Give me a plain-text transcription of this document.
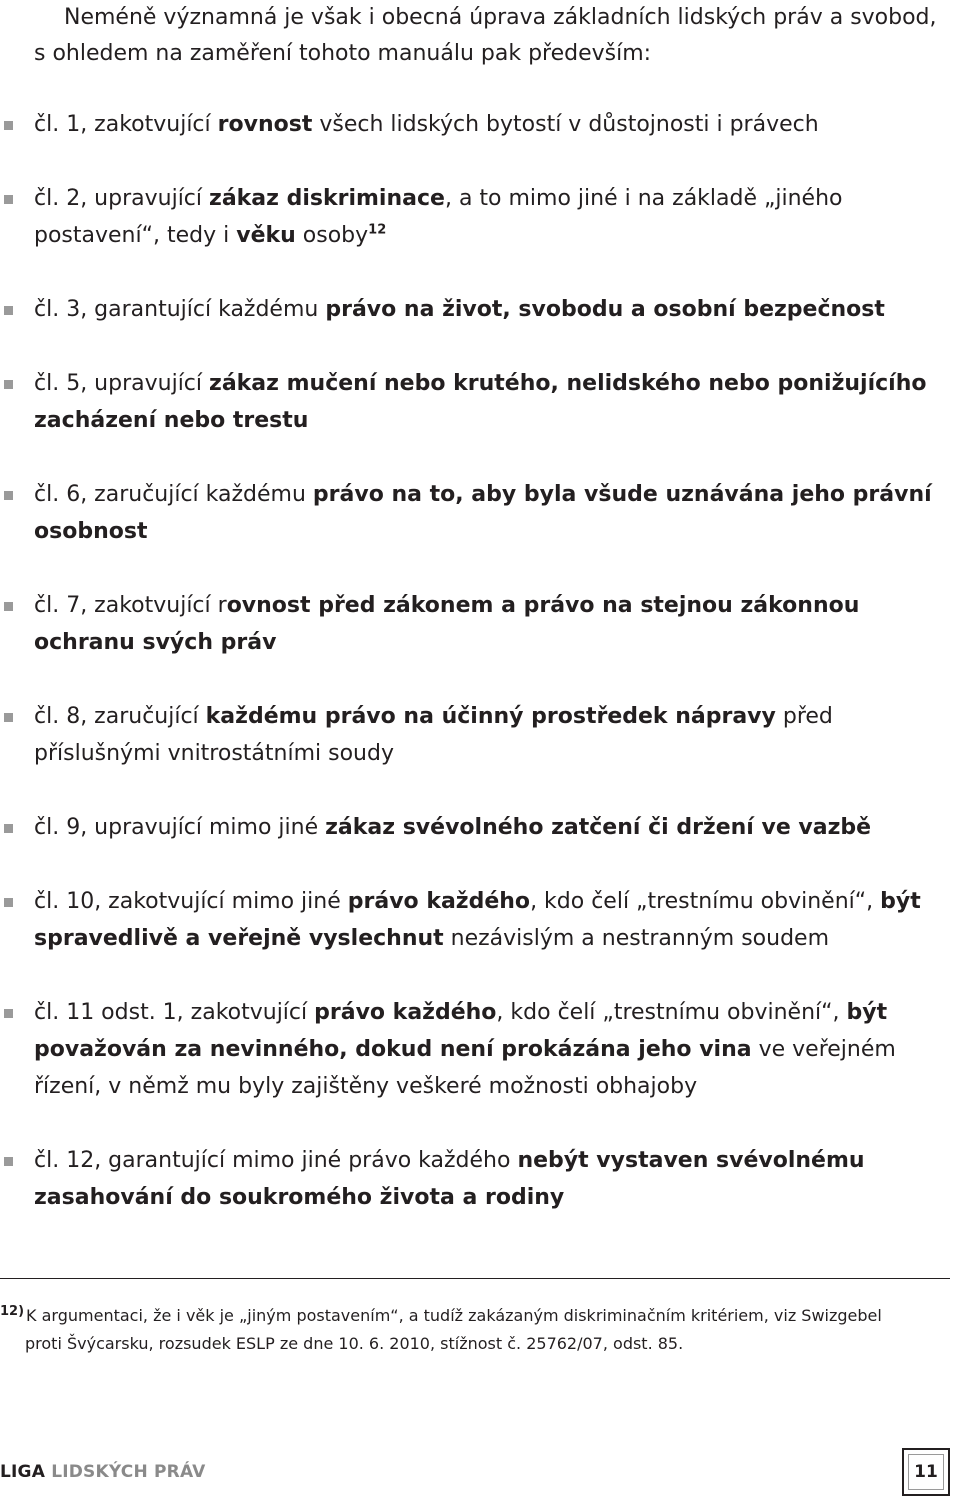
Neméně významná je však i obecná úprava základních lidských práv a svobod, s ohledem na zaměření tohoto manuálu pak především:

čl. 1, zakotvující rovnost všech lidských bytostí v důstojnosti i právech
čl. 2, upravující zákaz diskriminace, a to mimo jiné i na základě „jiného postavení“, tedy i věku osoby$^{12}$
čl. 3, garantující každému právo na život, svobodu a osobní bezpečnost
čl. 5, upravující zákaz mučení nebo krutého, nelidského nebo ponižujícího zacházení nebo trestu
čl. 6, zaručující každému právo na to, aby byla všude uznávána jeho právní osobnost
čl. 7, zakotvující rovnost před zákonem a právo na stejnou zákonnou ochranu svých práv
čl. 8, zaručující každému právo na účinný prostředek nápravy před příslušnými vnitrostátními soudy
čl. 9, upravující mimo jiné zákaz svévolného zatčení či držení ve vazbě
čl. 10, zakotvující mimo jiné právo každého, kdo čelí „trestnímu obvinění“, být spravedlivě a veřejně vyslechnut nezávislým a nestranným soudem
čl. 11 odst. 1, zakotvující právo každého, kdo čelí „trestnímu obvinění“, být považován za nevinného, dokud není prokázána jeho vina ve veřejném řízení, v němž mu byly zajištěny veškeré možnosti obhajoby
čl. 12, garantující mimo jiné právo každého nebýt vystaven svévolnému zasahování do soukromého života a rodiny
$^{12)}$ K argumentaci, že i věk je „jiným postavením“, a tudíž zakázaným diskriminačním kritériem, viz Swizgebel
proti Švýcarsku, rozsudek ESLP ze dne 10. 6. 2010, stížnost č. 25762/07, odst. 85.
LIGA LIDSKÝCH PRÁV	11
